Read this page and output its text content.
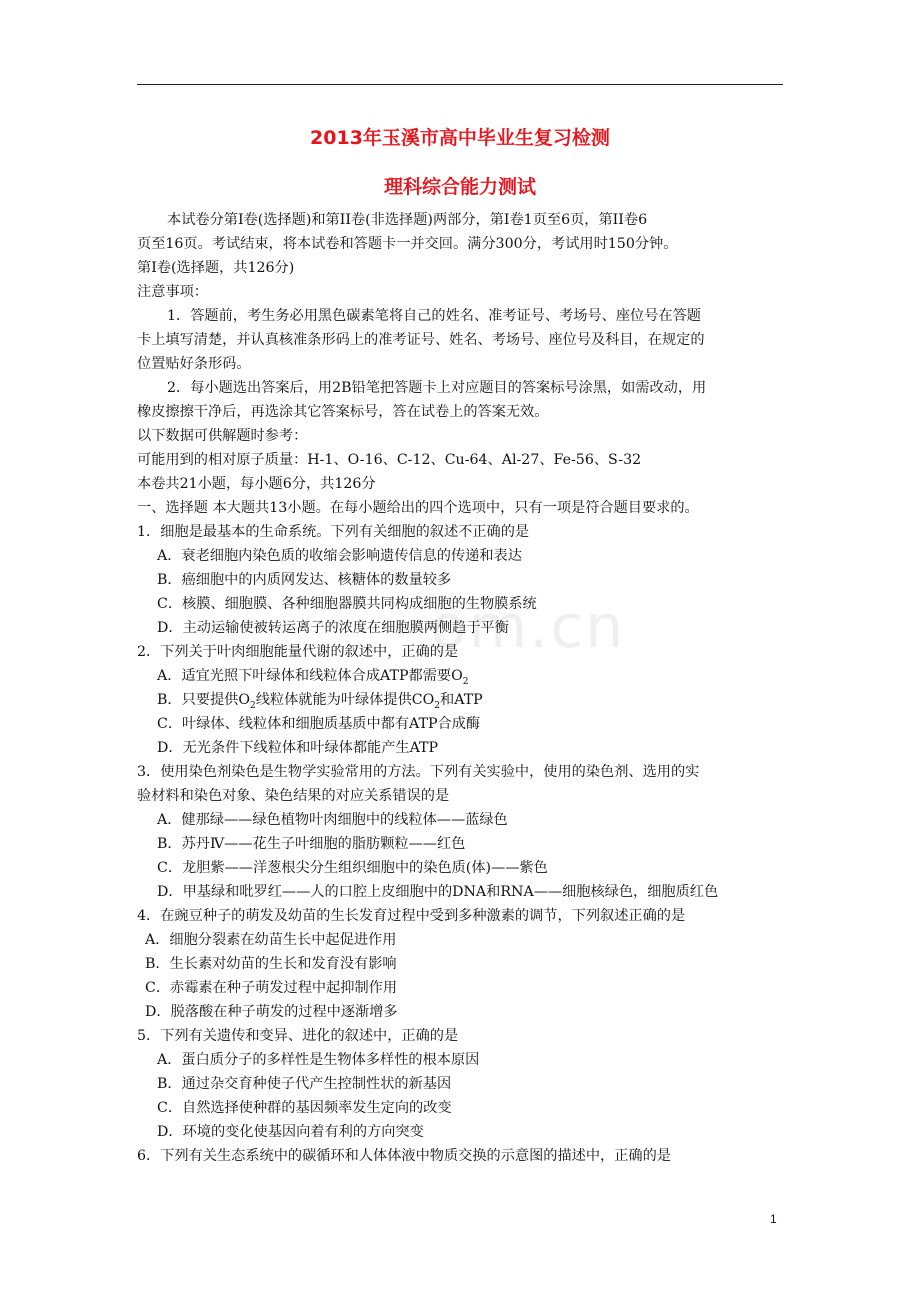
2013年玉溪市高中毕业生复习检测
理科综合能力测试
om.cn

本试卷分第Ⅰ卷(选择题)和第II卷(非选择题)两部分，第Ⅰ卷1页至6页，第II卷6

页至16页。考试结束，将本试卷和答题卡一并交回。满分300分，考试用时150分钟。

第Ⅰ卷(选择题，共126分)

注意事项：

1．答题前，考生务必用黑色碳素笔将自己的姓名、准考证号、考场号、座位号在答题

卡上填写清楚，并认真核准条形码上的准考证号、姓名、考场号、座位号及科目，在规定的

位置贴好条形码。

2．每小题选出答案后，用2B铅笔把答题卡上对应题目的答案标号涂黑，如需改动，用

橡皮擦擦干净后，再选涂其它答案标号，答在试卷上的答案无效。

以下数据可供解题时参考：

可能用到的相对原子质量：H-1、O-16、C-12、Cu-64、Al-27、Fe-56、S-32

本卷共21小题，每小题6分，共126分

一、选择题 本大题共13小题。在每小题给出的四个选项中，只有一项是符合题目要求的。

1．细胞是最基本的生命系统。下列有关细胞的叙述不正确的是

A．衰老细胞内染色质的收缩会影响遗传信息的传递和表达

B．癌细胞中的内质网发达、核糖体的数量较多

C．核膜、细胞膜、各种细胞器膜共同构成细胞的生物膜系统

D．主动运输使被转运离子的浓度在细胞膜两侧趋于平衡

2．下列关于叶肉细胞能量代谢的叙述中，正确的是

A．适宜光照下叶绿体和线粒体合成ATP都需要$O_2$

B．只要提供$O_2$线粒体就能为叶绿体提供$CO_2$和ATP

C．叶绿体、线粒体和细胞质基质中都有ATP合成酶

D．无光条件下线粒体和叶绿体都能产生ATP

3．使用染色剂染色是生物学实验常用的方法。下列有关实验中，使用的染色剂、选用的实

验材料和染色对象、染色结果的对应关系错误的是

A．健那绿——绿色植物叶肉细胞中的线粒体——蓝绿色

B．苏丹Ⅳ——花生子叶细胞的脂肪颗粒——红色

C．龙胆紫——洋葱根尖分生组织细胞中的染色质(体)——紫色

D．甲基绿和吡罗红——人的口腔上皮细胞中的DNA和RNA——细胞核绿色，细胞质红色

4．在豌豆种子的萌发及幼苗的生长发育过程中受到多种激素的调节，下列叙述正确的是

A．细胞分裂素在幼苗生长中起促进作用

B．生长素对幼苗的生长和发育没有影响

C．赤霉素在种子萌发过程中起抑制作用

D．脱落酸在种子萌发的过程中逐渐增多

5．下列有关遗传和变异、进化的叙述中，正确的是

A．蛋白质分子的多样性是生物体多样性的根本原因

B．通过杂交育种使子代产生控制性状的新基因

C．自然选择使种群的基因频率发生定向的改变

D．环境的变化使基因向着有利的方向突变

6．下列有关生态系统中的碳循环和人体体液中物质交换的示意图的描述中，正确的是

1
